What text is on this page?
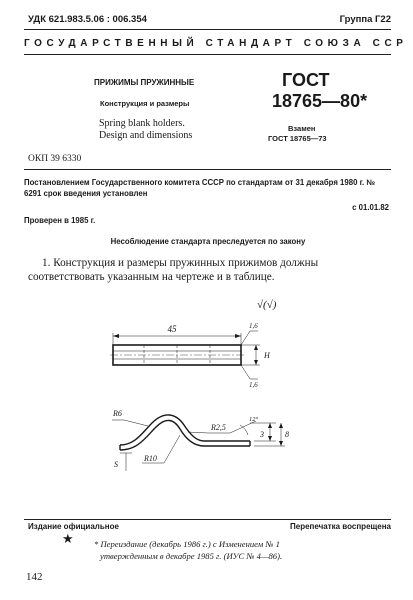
УДК 621.983.5.06 : 006.354	Группа Г22
ГОСУДАРСТВЕННЫЙ СТАНДАРТ СОЮЗА ССР
ПРИЖИМЫ ПРУЖИННЫЕ
Конструкция и размеры
Spring blank holders.
Design and dimensions
ГОСТ
18765—80*
Взамен
ГОСТ 18765—73
ОКП 39 6330
Постановлением Государственного комитета СССР по стандартам от 31 декабря 1980 г. № 6291 срок введения установлен
с 01.01.82
Проверен в 1985 г.
Несоблюдение стандарта преследуется по закону
1. Конструкция и размеры пружинных прижимов должны соответствовать указанным на чертеже и в таблице.
√(√)
45	1,6
H
1,6
R6
R2,5
12°
3	8
S
R10
Издание официальное	Перепечатка воспрещена
★ * Переиздание (декабрь 1986 г.) с Изменением № 1
утвержденным в декабре 1985 г. (ИУС № 4—86).
142
